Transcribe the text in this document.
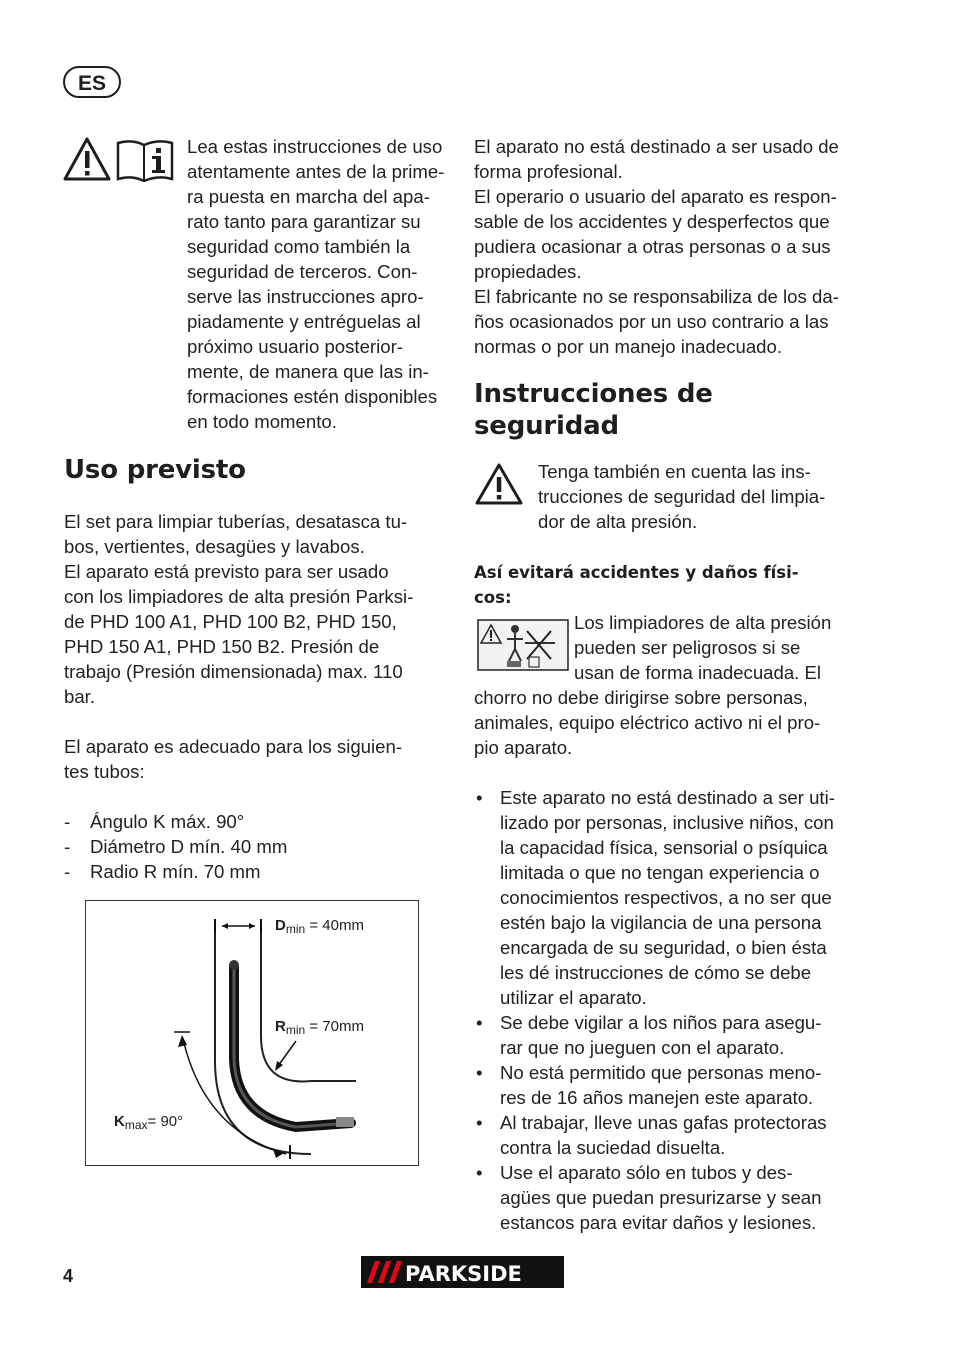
ES
Lea estas instrucciones de uso
atentamente antes de la prime-
ra puesta en marcha del apa-
rato tanto para garantizar su
seguridad como también la
seguridad de terceros. Con-
serve las instrucciones apro-
piadamente y entréguelas al
próximo usuario posterior-
mente, de manera que las in-
formaciones estén disponibles
en todo momento.
Uso previsto
El set para limpiar tuberías, desatasca tu-
bos, vertientes, desagües y lavabos.
El aparato está previsto para ser usado
con los limpiadores de alta presión Parksi-
de PHD 100 A1, PHD 100 B2, PHD 150,
PHD 150 A1, PHD 150 B2. Presión de
trabajo (Presión dimensionada) max. 110
bar.
El aparato es adecuado para los siguien-
tes tubos:
- Ángulo K máx. 90°
- Diámetro D mín. 40 mm
- Radio R mín. 70 mm
$D_{min} = 40mm$
$R_{min} = 70mm$
$K_{max}= 90^\circ$
El aparato no está destinado a ser usado de
forma profesional.
El operario o usuario del aparato es respon-
sable de los accidentes y desperfectos que
pudiera ocasionar a otras personas o a sus
propiedades.
El fabricante no se responsabiliza de los da-
ños ocasionados por un uso contrario a las
normas o por un manejo inadecuado.
Instrucciones de
seguridad
Tenga también en cuenta las ins-
trucciones de seguridad del limpia-
dor de alta presión.
Así evitará accidentes y daños físi-
cos:
Los limpiadores de alta presión
pueden ser peligrosos si se
usan de forma inadecuada. El
chorro no debe dirigirse sobre personas,
animales, equipo eléctrico activo ni el pro-
pio aparato.
• Este aparato no está destinado a ser uti-
lizado por personas, inclusive niños, con
la capacidad física, sensorial o psíquica
limitada o que no tengan experiencia o
conocimientos respectivos, a no ser que
estén bajo la vigilancia de una persona
encargada de su seguridad, o bien ésta
les dé instrucciones de cómo se debe
utilizar el aparato.
• Se debe vigilar a los niños para asegu-
rar que no jueguen con el aparato.
• No está permitido que personas meno-
res de 16 años manejen este aparato.
• Al trabajar, lleve unas gafas protectoras
contra la suciedad disuelta.
• Use el aparato sólo en tubos y des-
agües que puedan presurizarse y sean
estancos para evitar daños y lesiones.
4	PARKSIDE
